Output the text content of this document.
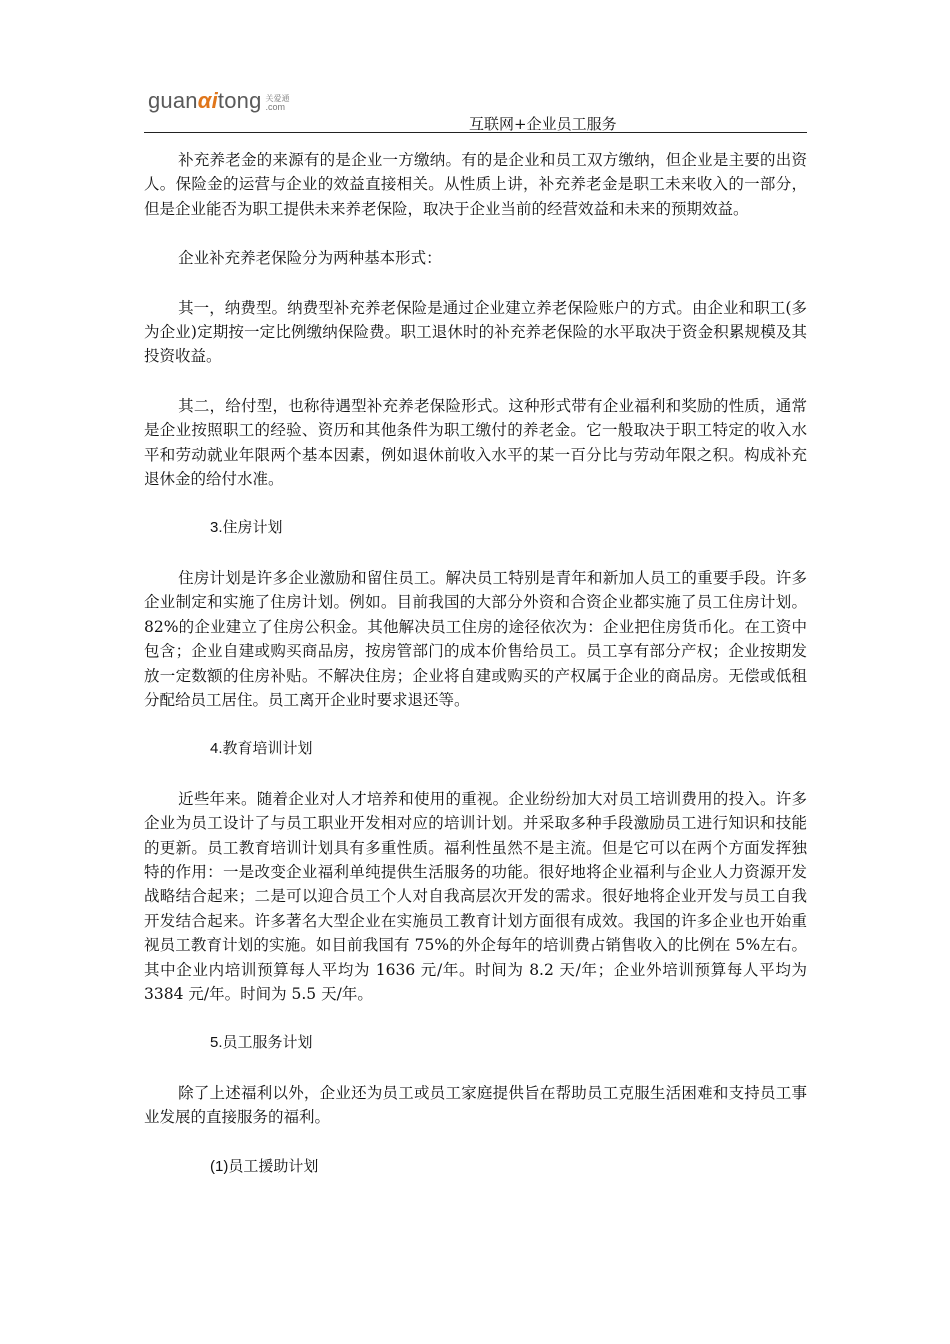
guanαitong 关爱通
.com
互联网+企业员工服务

补充养老金的来源有的是企业一方缴纳。有的是企业和员工双方缴纳，但企业是主要的出资人。保险金的运营与企业的效益直接相关。从性质上讲，补充养老金是职工未来收入的一部分，但是企业能否为职工提供未来养老保险，取决于企业当前的经营效益和未来的预期效益。

企业补充养老保险分为两种基本形式：

其一，纳费型。纳费型补充养老保险是通过企业建立养老保险账户的方式。由企业和职工(多为企业)定期按一定比例缴纳保险费。职工退休时的补充养老保险的水平取决于资金积累规模及其投资收益。

其二，给付型，也称待遇型补充养老保险形式。这种形式带有企业福利和奖励的性质，通常是企业按照职工的经验、资历和其他条件为职工缴付的养老金。它一般取决于职工特定的收入水平和劳动就业年限两个基本因素，例如退休前收入水平的某一百分比与劳动年限之积。构成补充退休金的给付水准。

3.住房计划

住房计划是许多企业激励和留住员工。解决员工特别是青年和新加人员工的重要手段。许多企业制定和实施了住房计划。例如。目前我国的大部分外资和合资企业都实施了员工住房计划。82%的企业建立了住房公积金。其他解决员工住房的途径依次为：企业把住房货币化。在工资中包含；企业自建或购买商品房，按房管部门的成本价售给员工。员工享有部分产权；企业按期发放一定数额的住房补贴。不解决住房；企业将自建或购买的产权属于企业的商品房。无偿或低租分配给员工居住。员工离开企业时要求退还等。

4.教育培训计划

近些年来。随着企业对人才培养和使用的重视。企业纷纷加大对员工培训费用的投入。许多企业为员工设计了与员工职业开发相对应的培训计划。并采取多种手段激励员工进行知识和技能的更新。员工教育培训计划具有多重性质。福利性虽然不是主流。但是它可以在两个方面发挥独特的作用：一是改变企业福利单纯提供生活服务的功能。很好地将企业福利与企业人力资源开发战略结合起来；二是可以迎合员工个人对自我高层次开发的需求。很好地将企业开发与员工自我开发结合起来。许多著名大型企业在实施员工教育计划方面很有成效。我国的许多企业也开始重视员工教育计划的实施。如目前我国有 75%的外企每年的培训费占销售收入的比例在 5%左右。其中企业内培训预算每人平均为 1636 元/年。时间为 8.2 天/年；企业外培训预算每人平均为 3384 元/年。时间为 5.5 天/年。

5.员工服务计划

除了上述福利以外，企业还为员工或员工家庭提供旨在帮助员工克服生活困难和支持员工事业发展的直接服务的福利。

(1)员工援助计划
